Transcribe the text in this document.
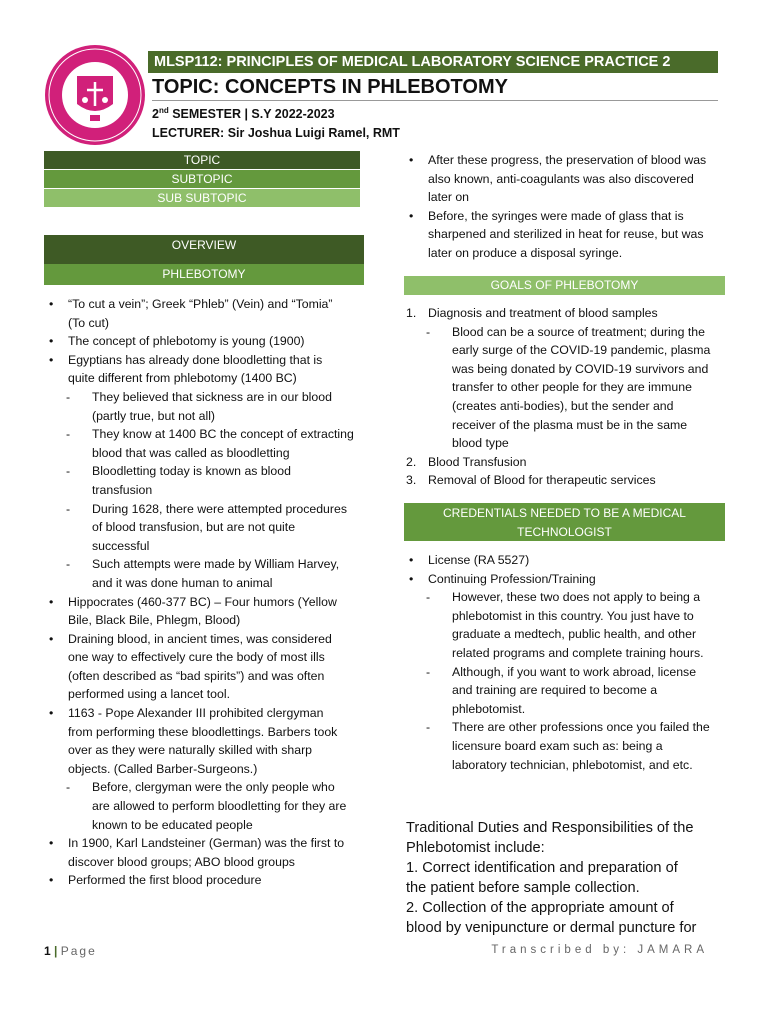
MLSP112: PRINCIPLES OF MEDICAL LABORATORY SCIENCE PRACTICE 2
TOPIC: CONCEPTS IN PHLEBOTOMY
2nd SEMESTER | S.Y 2022-2023
LECTURER: Sir Joshua Luigi Ramel, RMT
TOPIC
SUBTOPIC
SUB SUBTOPIC
OVERVIEW
PHLEBOTOMY
• “To cut a vein”; Greek “Phleb” (Vein) and “Tomia”
(To cut)
• The concept of phlebotomy is young (1900)
• Egyptians has already done bloodletting that is
quite different from phlebotomy (1400 BC)
- They believed that sickness are in our blood
(partly true, but not all)
- They know at 1400 BC the concept of extracting
blood that was called as bloodletting
- Bloodletting today is known as blood
transfusion
- During 1628, there were attempted procedures
of blood transfusion, but are not quite
successful
- Such attempts were made by William Harvey,
and it was done human to animal
• Hippocrates (460-377 BC) – Four humors (Yellow
Bile, Black Bile, Phlegm, Blood)
• Draining blood, in ancient times, was considered
one way to effectively cure the body of most ills
(often described as “bad spirits”) and was often
performed using a lancet tool.
• 1163 - Pope Alexander III prohibited clergyman
from performing these bloodlettings. Barbers took
over as they were naturally skilled with sharp
objects. (Called Barber-Surgeons.)
- Before, clergyman were the only people who
are allowed to perform bloodletting for they are
known to be educated people
• In 1900, Karl Landsteiner (German) was the first to
discover blood groups; ABO blood groups
• Performed the first blood procedure
• After these progress, the preservation of blood was
also known, anti-coagulants was also discovered
later on
• Before, the syringes were made of glass that is
sharpened and sterilized in heat for reuse, but was
later on produce a disposal syringe.
GOALS OF PHLEBOTOMY
1. Diagnosis and treatment of blood samples
- Blood can be a source of treatment; during the
early surge of the COVID-19 pandemic, plasma
was being donated by COVID-19 survivors and
transfer to other people for they are immune
(creates anti-bodies), but the sender and
receiver of the plasma must be in the same
blood type
2. Blood Transfusion
3. Removal of Blood for therapeutic services
CREDENTIALS NEEDED TO BE A MEDICAL
TECHNOLOGIST
• License (RA 5527)
• Continuing Profession/Training
- However, these two does not apply to being a
phlebotomist in this country. You just have to
graduate a medtech, public health, and other
related programs and complete training hours.
- Although, if you want to work abroad, license
and training are required to become a
phlebotomist.
- There are other professions once you failed the
licensure board exam such as: being a
laboratory technician, phlebotomist, and etc.
Traditional Duties and Responsibilities of the
Phlebotomist include:
1. Correct identification and preparation of
the patient before sample collection.
2. Collection of the appropriate amount of
blood by venipuncture or dermal puncture for
1 | Page	Transcribed by: JAMARA
